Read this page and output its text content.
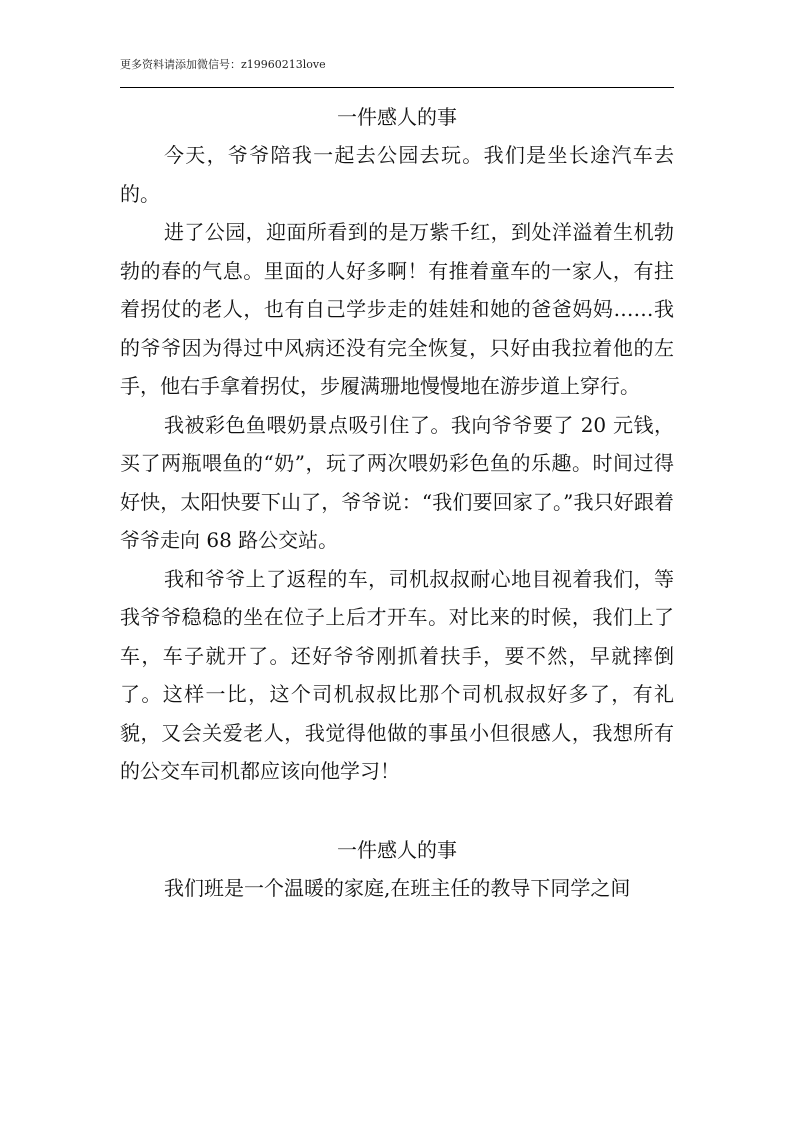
更多资料请添加微信号：z19960213love
一件感人的事

今天，爷爷陪我一起去公园去玩。我们是坐长途汽车去的。

进了公园，迎面所看到的是万紫千红，到处洋溢着生机勃勃的春的气息。里面的人好多啊！有推着童车的一家人，有拄着拐仗的老人，也有自己学步走的娃娃和她的爸爸妈妈……我的爷爷因为得过中风病还没有完全恢复，只好由我拉着他的左手，他右手拿着拐仗，步履满珊地慢慢地在游步道上穿行。

我被彩色鱼喂奶景点吸引住了。我向爷爷要了 20 元钱，买了两瓶喂鱼的“奶”，玩了两次喂奶彩色鱼的乐趣。时间过得好快，太阳快要下山了，爷爷说：“我们要回家了。”我只好跟着爷爷走向 68 路公交站。

我和爷爷上了返程的车，司机叔叔耐心地目视着我们，等我爷爷稳稳的坐在位子上后才开车。对比来的时候，我们上了车，车子就开了。还好爷爷刚抓着扶手，要不然，早就摔倒了。这样一比，这个司机叔叔比那个司机叔叔好多了，有礼貌，又会关爱老人，我觉得他做的事虽小但很感人，我想所有的公交车司机都应该向他学习！

一件感人的事

我们班是一个温暖的家庭,在班主任的教导下同学之间
